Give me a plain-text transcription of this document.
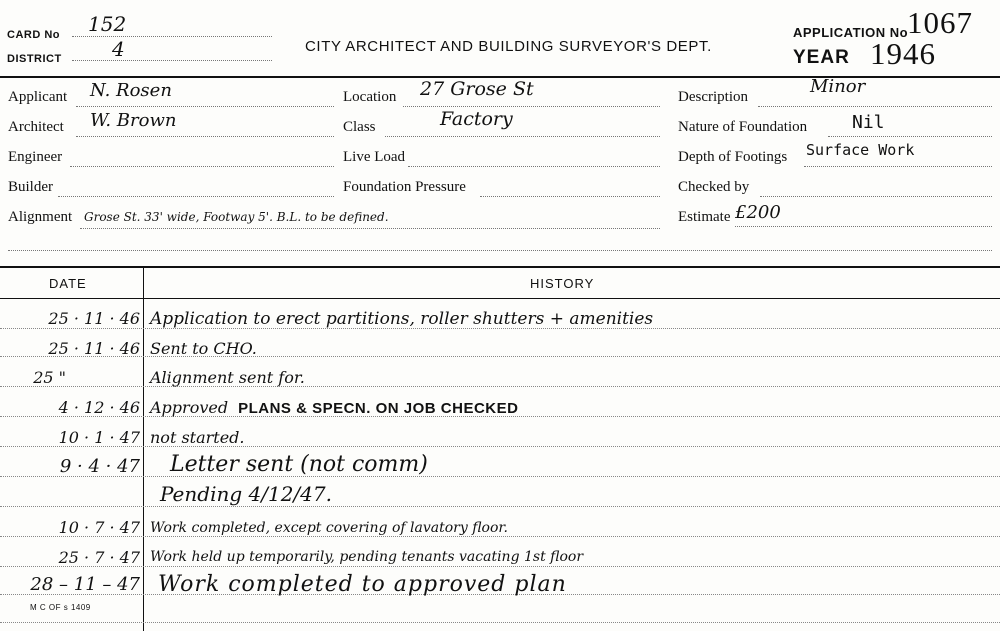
CARD No 152
DISTRICT	4	CITY ARCHITECT AND BUILDING SURVEYOR'S DEPT.
APPLICATION No
1067
YEAR 1946
Applicant N. Rosen
Architect W. Brown
Engineer
Builder
Alignment Grose St. 33' wide, Footway 5'. B.L. to be defined.
Location 27 Grose St
Class	Factory
Live Load
Foundation Pressure
Description	Minor
Nature of Foundation Nil
Depth of Footings Surface Work
Checked by
Estimate £200
DATE	HISTORY
25 · 11 · 46 Application to erect partitions, roller shutters + amenities
25 · 11 · 46 Sent to CHO.
25 "	Alignment sent for.
4 · 12 · 46 Approved PLANS & SPECN. ON JOB CHECKED
10 · 1 · 47 not started.
9 · 4 · 47 Letter sent (not comm)
Pending 4/12/47.
10 · 7 · 47 Work completed, except covering of lavatory floor.
25 · 7 · 47 Work held up temporarily, pending tenants vacating 1st floor
28 – 11 – 47 Work completed to approved plan
M C OF s 1409
